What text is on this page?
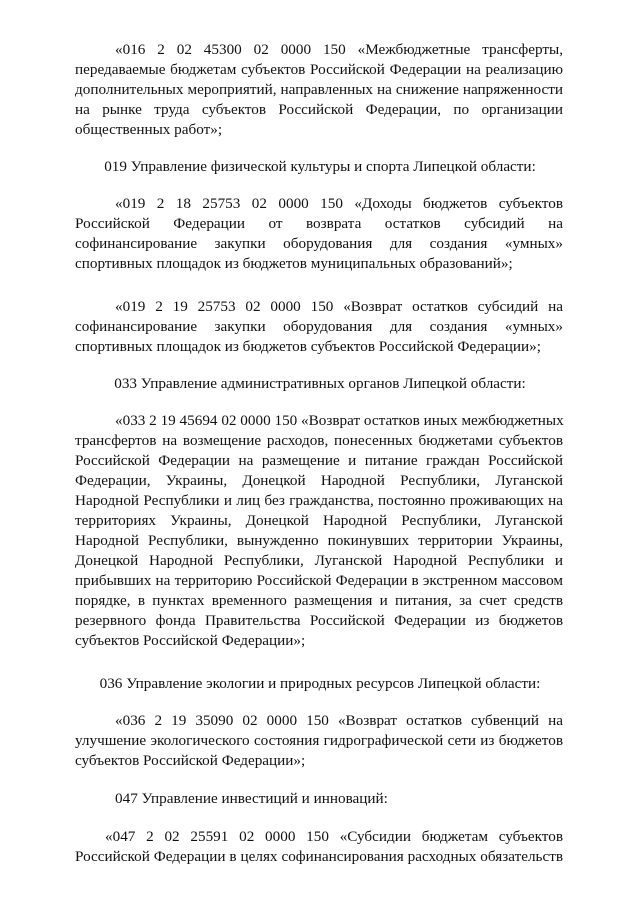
«016 2 02 45300 02 0000 150 «Межбюджетные трансферты,
передаваемые бюджетам субъектов Российской Федерации на реализацию
дополнительных мероприятий, направленных на снижение напряженности
на рынке труда субъектов Российской Федерации, по организации
общественных работ»;
019 Управление физической культуры и спорта Липецкой области:
«019 2 18 25753 02 0000 150 «Доходы бюджетов субъектов
Российской Федерации от возврата остатков субсидий на
софинансирование закупки оборудования для создания «умных»
спортивных площадок из бюджетов муниципальных образований»;
«019 2 19 25753 02 0000 150 «Возврат остатков субсидий на
софинансирование закупки оборудования для создания «умных»
спортивных площадок из бюджетов субъектов Российской Федерации»;
033 Управление административных органов Липецкой области:
«033 2 19 45694 02 0000 150 «Возврат остатков иных межбюджетных
трансфертов на возмещение расходов, понесенных бюджетами субъектов
Российской Федерации на размещение и питание граждан Российской
Федерации, Украины, Донецкой Народной Республики, Луганской
Народной Республики и лиц без гражданства, постоянно проживающих на
территориях Украины, Донецкой Народной Республики, Луганской
Народной Республики, вынужденно покинувших территории Украины,
Донецкой Народной Республики, Луганской Народной Республики и
прибывших на территорию Российской Федерации в экстренном массовом
порядке, в пунктах временного размещения и питания, за счет средств
резервного фонда Правительства Российской Федерации из бюджетов
субъектов Российской Федерации»;
036 Управление экологии и природных ресурсов Липецкой области:
«036 2 19 35090 02 0000 150 «Возврат остатков субвенций на
улучшение экологического состояния гидрографической сети из бюджетов
субъектов Российской Федерации»;
047 Управление инвестиций и инноваций:
«047 2 02 25591 02 0000 150 «Субсидии бюджетам субъектов
Российской Федерации в целях софинансирования расходных обязательств
